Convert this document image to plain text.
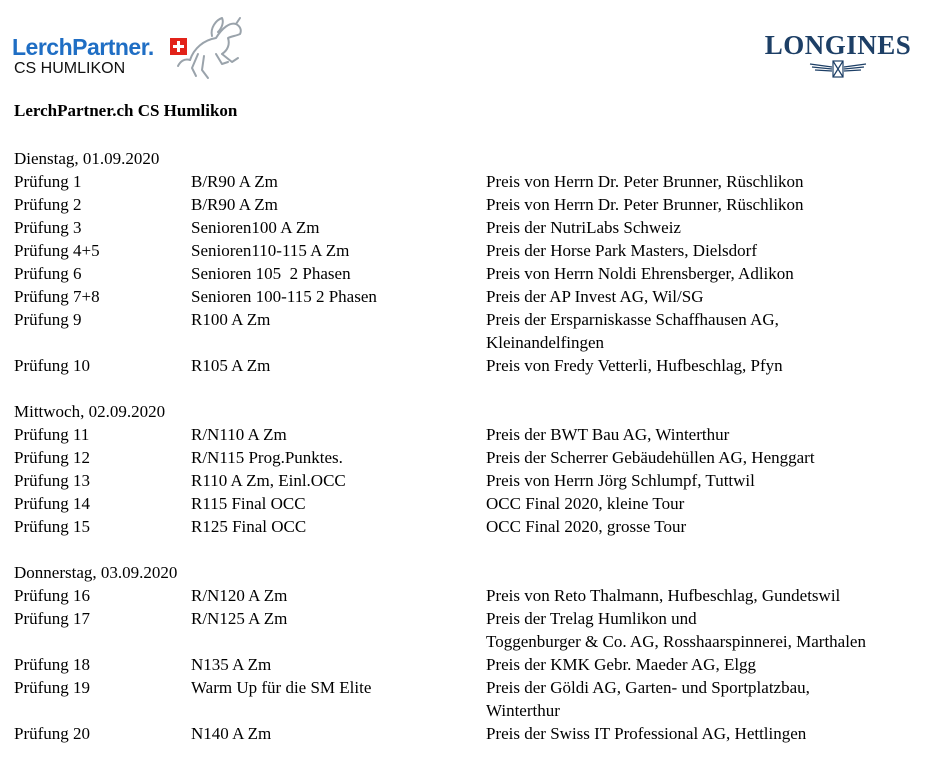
LerchPartner.
CS HUMLIKON
LONGINES
LerchPartner.ch CS Humlikon
Dienstag, 01.09.2020
Prüfung 1	B/R90 A Zm	Preis von Herrn Dr. Peter Brunner, Rüschlikon
Prüfung 2	B/R90 A Zm	Preis von Herrn Dr. Peter Brunner, Rüschlikon
Prüfung 3	Senioren100 A Zm	Preis der NutriLabs Schweiz
Prüfung 4+5	Senioren110-115 A Zm	Preis der Horse Park Masters, Dielsdorf
Prüfung 6	Senioren 105  2 Phasen	Preis von Herrn Noldi Ehrensberger, Adlikon
Prüfung 7+8	Senioren 100-115 2 Phasen	Preis der AP Invest AG, Wil/SG
Prüfung 9	R100 A Zm	Preis der Ersparniskasse Schaffhausen AG,
Kleinandelfingen
Prüfung 10	R105 A Zm	Preis von Fredy Vetterli, Hufbeschlag, Pfyn
Mittwoch, 02.09.2020
Prüfung 11	R/N110 A Zm	Preis der BWT Bau AG, Winterthur
Prüfung 12	R/N115 Prog.Punktes.	Preis der Scherrer Gebäudehüllen AG, Henggart
Prüfung 13	R110 A Zm, Einl.OCC	Preis von Herrn Jörg Schlumpf, Tuttwil
Prüfung 14	R115 Final OCC	OCC Final 2020, kleine Tour
Prüfung 15	R125 Final OCC	OCC Final 2020, grosse Tour
Donnerstag, 03.09.2020
Prüfung 16	R/N120 A Zm	Preis von Reto Thalmann, Hufbeschlag, Gundetswil
Prüfung 17	R/N125 A Zm	Preis der Trelag Humlikon und
Toggenburger & Co. AG, Rosshaarspinnerei, Marthalen
Prüfung 18	N135 A Zm	Preis der KMK Gebr. Maeder AG, Elgg
Prüfung 19	Warm Up für die SM Elite	Preis der Göldi AG, Garten- und Sportplatzbau,
Winterthur
Prüfung 20	N140 A Zm	Preis der Swiss IT Professional AG, Hettlingen
